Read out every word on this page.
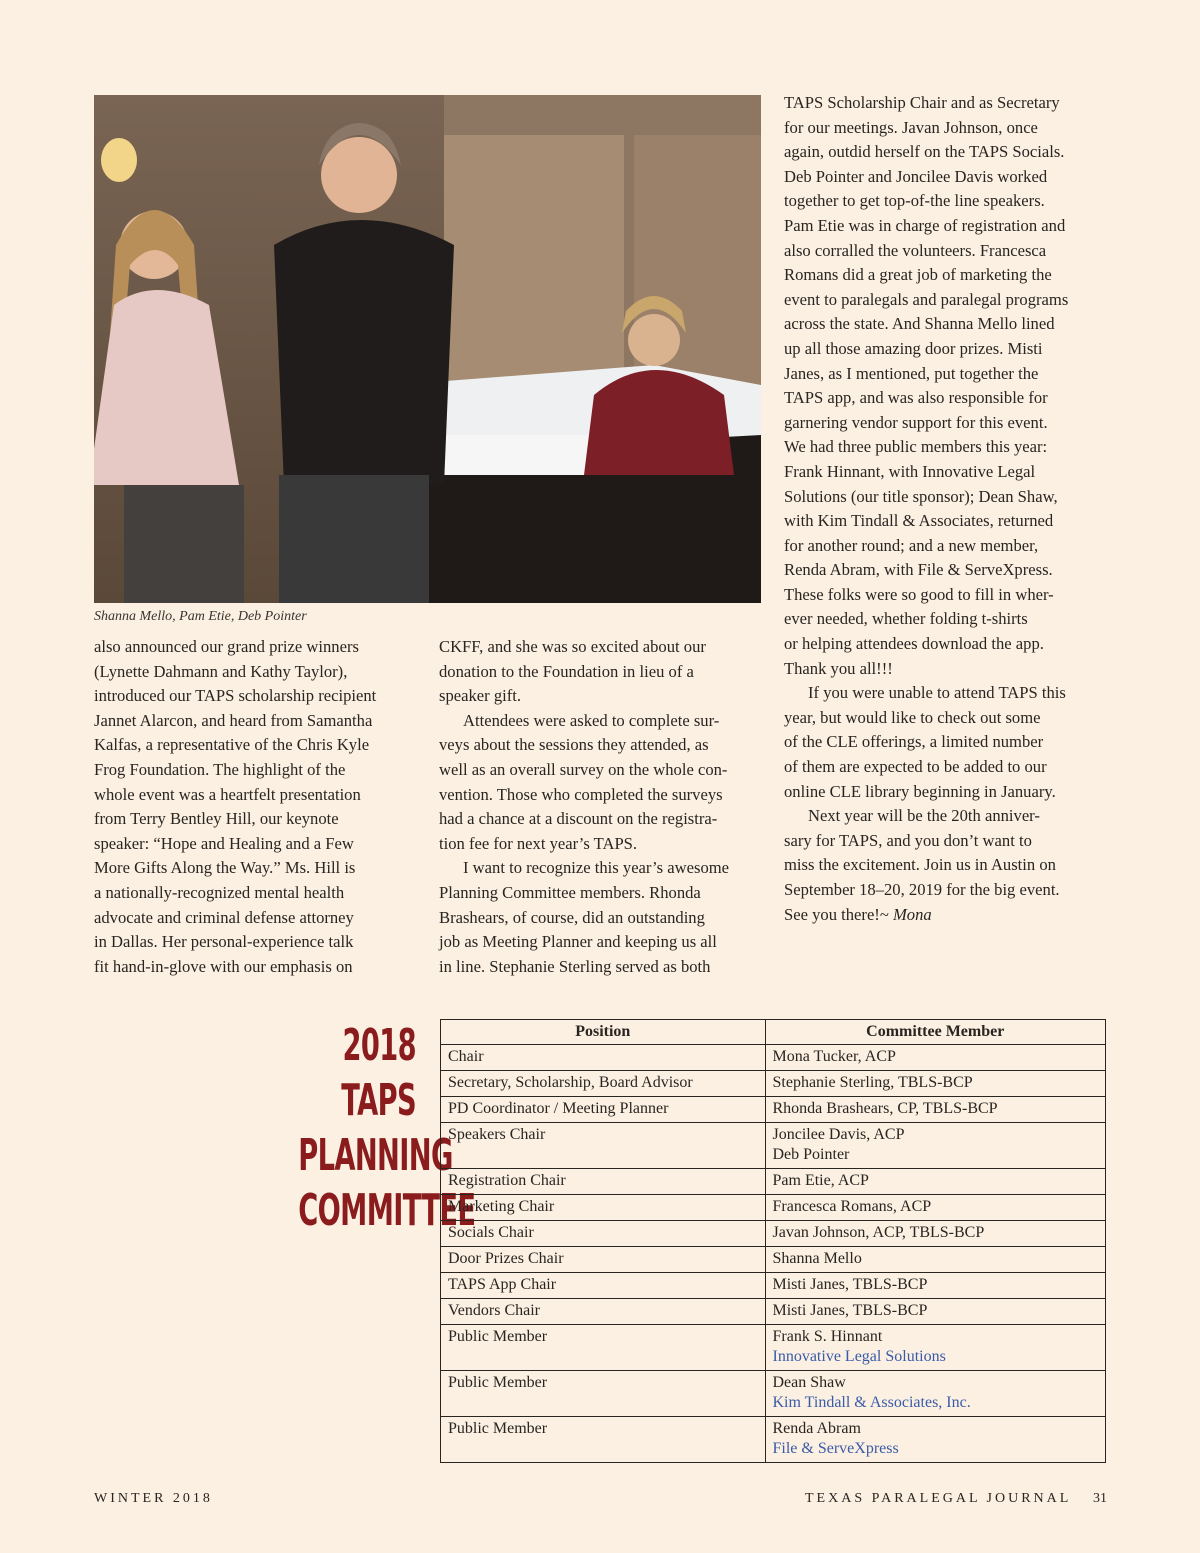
Shanna Mello, Pam Etie, Deb Pointer

also announced our grand prize winners
(Lynette Dahmann and Kathy Taylor),
introduced our TAPS scholarship recipient
Jannet Alarcon, and heard from Samantha
Kalfas, a representative of the Chris Kyle
Frog Foundation. The highlight of the
whole event was a heartfelt presentation
from Terry Bentley Hill, our keynote
speaker: “Hope and Healing and a Few
More Gifts Along the Way.” Ms. Hill is
a nationally-recognized mental health
advocate and criminal defense attorney
in Dallas. Her personal-experience talk
fit hand-in-glove with our emphasis on

CKFF, and she was so excited about our
donation to the Foundation in lieu of a
speaker gift.

Attendees were asked to complete sur-
veys about the sessions they attended, as
well as an overall survey on the whole con-
vention. Those who completed the surveys
had a chance at a discount on the registra-
tion fee for next year’s TAPS.

I want to recognize this year’s awesome
Planning Committee members. Rhonda
Brashears, of course, did an outstanding
job as Meeting Planner and keeping us all
in line. Stephanie Sterling served as both

TAPS Scholarship Chair and as Secretary
for our meetings. Javan Johnson, once
again, outdid herself on the TAPS Socials.
Deb Pointer and Joncilee Davis worked
together to get top-of-the line speakers.
Pam Etie was in charge of registration and
also corralled the volunteers. Francesca
Romans did a great job of marketing the
event to paralegals and paralegal programs
across the state. And Shanna Mello lined
up all those amazing door prizes. Misti
Janes, as I mentioned, put together the
TAPS app, and was also responsible for
garnering vendor support for this event.
We had three public members this year:
Frank Hinnant, with Innovative Legal
Solutions (our title sponsor); Dean Shaw,
with Kim Tindall & Associates, returned
for another round; and a new member,
Renda Abram, with File & ServeXpress.
These folks were so good to fill in wher-
ever needed, whether folding t-shirts
or helping attendees download the app.
Thank you all!!!

If you were unable to attend TAPS this
year, but would like to check out some
of the CLE offerings, a limited number
of them are expected to be added to our
online CLE library beginning in January.

Next year will be the 20th anniver-
sary for TAPS, and you don’t want to
miss the excitement. Join us in Austin on
September 18–20, 2019 for the big event.
See you there!~ Mona

2018
TAPS
PLANNING
COMMITTEE
Position	Committee Member
Chair	Mona Tucker, ACP

Secretary, Scholarship, Board Advisor	Stephanie Sterling, TBLS-BCP

PD Coordinator / Meeting Planner	Rhonda Brashears, CP, TBLS-BCP

Speakers Chair	Joncilee Davis, ACP
Deb Pointer

Registration Chair	Pam Etie, ACP

Marketing Chair	Francesca Romans, ACP

Socials Chair	Javan Johnson, ACP, TBLS-BCP

Door Prizes Chair	Shanna Mello

TAPS App Chair	Misti Janes, TBLS-BCP

Vendors Chair	Misti Janes, TBLS-BCP

Public Member	Frank S. Hinnant
Innovative Legal Solutions

Public Member	Dean Shaw
Kim Tindall & Associates, Inc.

Public Member	Renda Abram
File & ServeXpress
WINTER 2018	TEXAS PARALEGAL JOURNAL 31
